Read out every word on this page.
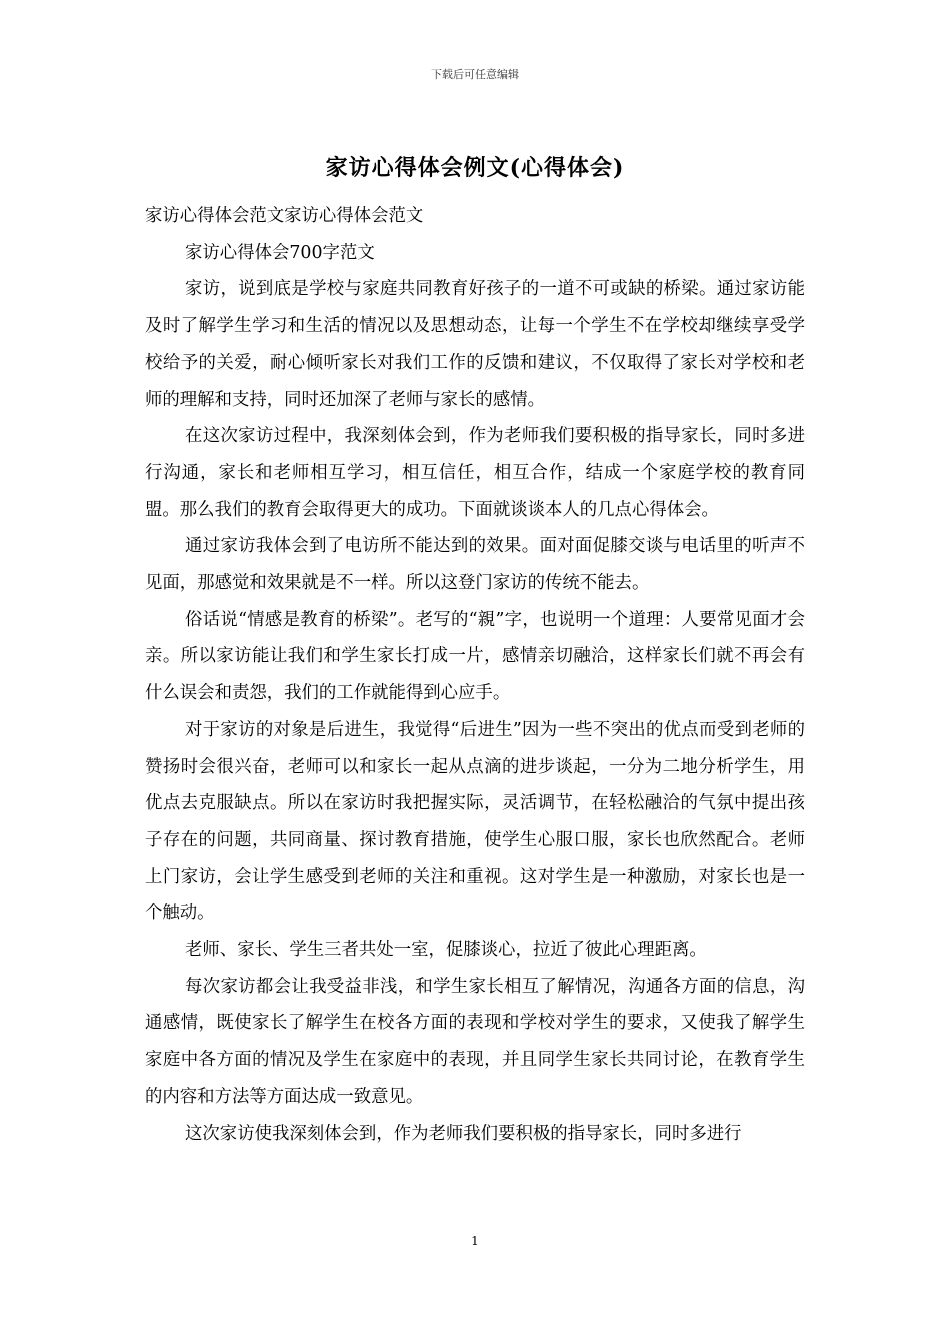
下载后可任意编辑
家访心得体会例文(心得体会)

家访心得体会范文家访心得体会范文

家访心得体会700字范文

家访，说到底是学校与家庭共同教育好孩子的一道不可或缺的桥梁。通过家访能及时了解学生学习和生活的情况以及思想动态，让每一个学生不在学校却继续享受学校给予的关爱，耐心倾听家长对我们工作的反馈和建议，不仅取得了家长对学校和老师的理解和支持，同时还加深了老师与家长的感情。

在这次家访过程中，我深刻体会到，作为老师我们要积极的指导家长，同时多进行沟通，家长和老师相互学习，相互信任，相互合作，结成一个家庭学校的教育同盟。那么我们的教育会取得更大的成功。下面就谈谈本人的几点心得体会。

通过家访我体会到了电访所不能达到的效果。面对面促膝交谈与电话里的听声不见面，那感觉和效果就是不一样。所以这登门家访的传统不能去。

俗话说“情感是教育的桥梁”。老写的“親”字，也说明一个道理：人要常见面才会亲。所以家访能让我们和学生家长打成一片，感情亲切融洽，这样家长们就不再会有什么误会和责怨，我们的工作就能得到心应手。

对于家访的对象是后进生，我觉得“后进生”因为一些不突出的优点而受到老师的赞扬时会很兴奋，老师可以和家长一起从点滴的进步谈起，一分为二地分析学生，用优点去克服缺点。所以在家访时我把握实际，灵活调节，在轻松融洽的气氛中提出孩子存在的问题，共同商量、探讨教育措施，使学生心服口服，家长也欣然配合。老师上门家访，会让学生感受到老师的关注和重视。这对学生是一种激励，对家长也是一个触动。

老师、家长、学生三者共处一室，促膝谈心，拉近了彼此心理距离。

每次家访都会让我受益非浅，和学生家长相互了解情况，沟通各方面的信息，沟通感情，既使家长了解学生在校各方面的表现和学校对学生的要求，又使我了解学生家庭中各方面的情况及学生在家庭中的表现，并且同学生家长共同讨论，在教育学生的内容和方法等方面达成一致意见。

这次家访使我深刻体会到，作为老师我们要积极的指导家长，同时多进行

1
